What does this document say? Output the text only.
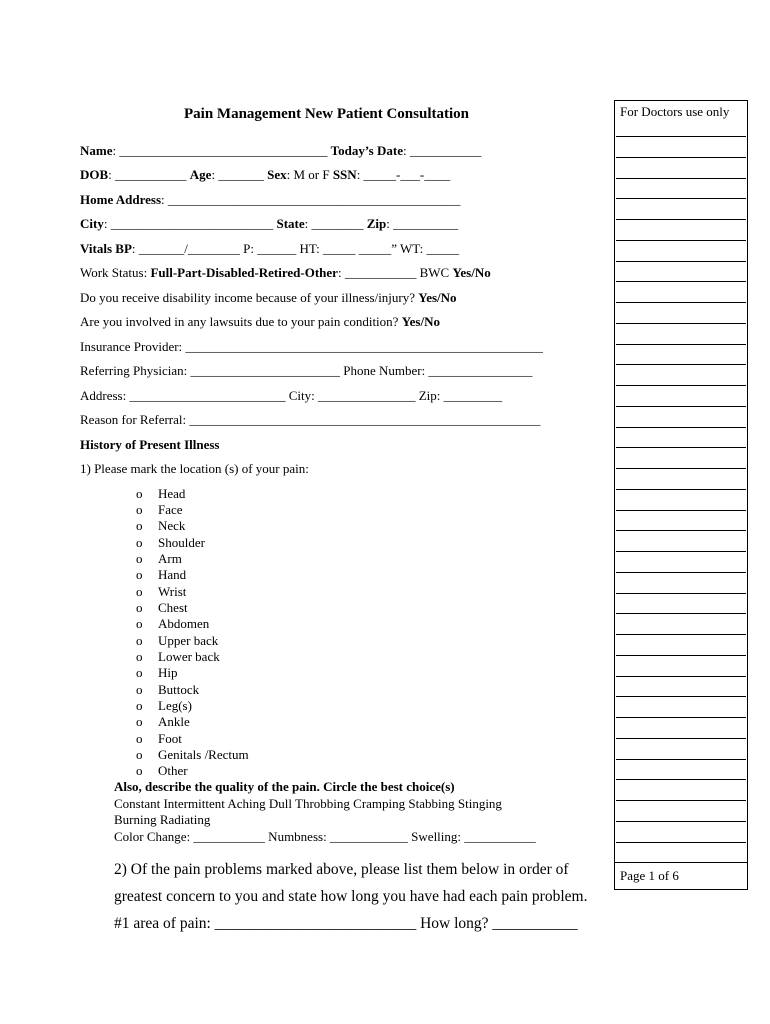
Pain Management New Patient Consultation
Name: ________________________________ Today’s Date: ___________
DOB: ___________ Age: _______ Sex: M or F SSN: _____-___-____
Home Address: _____________________________________________
City: _________________________ State: ________ Zip: __________
Vitals BP: _______/________ P: ______ HT: _____ _____” WT: _____
Work Status: Full-Part-Disabled-Retired-Other: ___________ BWC Yes/No
Do you receive disability income because of your illness/injury? Yes/No
Are you involved in any lawsuits due to your pain condition? Yes/No
Insurance Provider: _______________________________________________________
Referring Physician: _______________________ Phone Number: ________________
Address: ________________________ City: _______________ Zip: _________
Reason for Referral: ______________________________________________________
History of Present Illness
1) Please mark the location (s) of your pain:
o Head
o Face
o Neck
o Shoulder
o Arm
o Hand
o Wrist
o Chest
o Abdomen
o Upper back
o Lower back
o Hip
o Buttock
o Leg(s)
o Ankle
o Foot
o Genitals /Rectum
o Other
Also, describe the quality of the pain. Circle the best choice(s)
Constant Intermittent Aching Dull Throbbing Cramping Stabbing Stinging
Burning Radiating
Color Change: ___________ Numbness: ____________ Swelling: ___________
2) Of the pain problems marked above, please list them below in order of
greatest concern to you and state how long you have had each pain problem.
#1 area of pain: __________________________ How long? ___________
For Doctors use only
Page 1 of 6
